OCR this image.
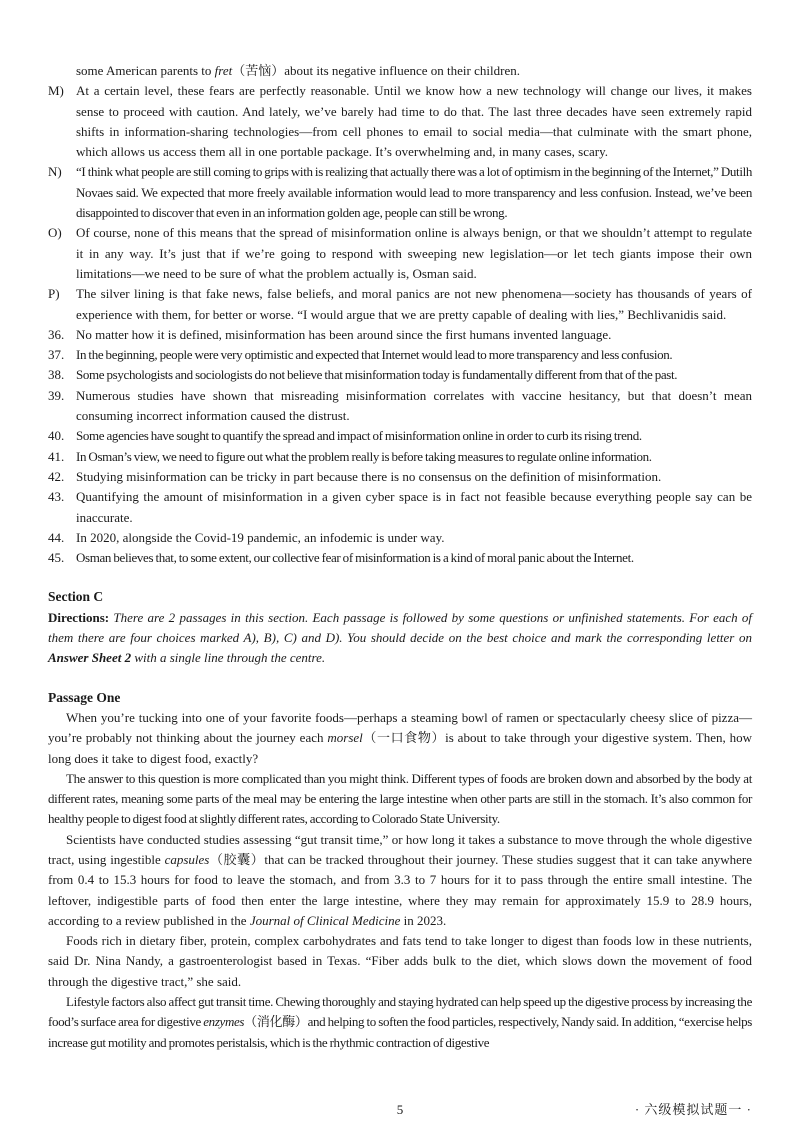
some American parents to fret（苦恼）about its negative influence on their children.
M) At a certain level, these fears are perfectly reasonable. Until we know how a new technology will change our lives, it makes sense to proceed with caution. And lately, we’ve barely had time to do that. The last three decades have seen extremely rapid shifts in information-sharing technologies—from cell phones to email to social media—that culminate with the smart phone, which allows us access them all in one portable package. It’s overwhelming and, in many cases, scary.
N)	“I think what people are still coming to grips with is realizing that actually there was a lot of optimism in the beginning of the Internet,” Dutilh Novaes said. We expected that more freely available information would lead to more transparency and less confusion. Instead, we’ve been disappointed to discover that even in an information golden age, people can still be wrong.
O)	Of course, none of this means that the spread of misinformation online is always benign, or that we shouldn’t attempt to regulate it in any way. It’s just that if we’re going to respond with sweeping new legislation—or let tech giants impose their own limitations—we need to be sure of what the problem actually is, Osman said.
P)	The silver lining is that fake news, false beliefs, and moral panics are not new phenomena—society has thousands of years of experience with them, for better or worse. “I would argue that we are pretty capable of dealing with lies,” Bechlivanidis said.
36. No matter how it is defined, misinformation has been around since the first humans invented language.
37. In the beginning, people were very optimistic and expected that Internet would lead to more transparency and less confusion.
38. Some psychologists and sociologists do not believe that misinformation today is fundamentally different from that of the past.
39. Numerous studies have shown that misreading misinformation correlates with vaccine hesitancy, but that doesn’t mean consuming incorrect information caused the distrust.
40. Some agencies have sought to quantify the spread and impact of misinformation online in order to curb its rising trend.
41. In Osman’s view, we need to figure out what the problem really is before taking measures to regulate online information.
42. Studying misinformation can be tricky in part because there is no consensus on the definition of misinformation.
43. Quantifying the amount of misinformation in a given cyber space is in fact not feasible because everything people say can be inaccurate.
44. In 2020, alongside the Covid-19 pandemic, an infodemic is under way.
45. Osman believes that, to some extent, our collective fear of misinformation is a kind of moral panic about the Internet.
Section C
Directions: There are 2 passages in this section. Each passage is followed by some questions or unfinished statements. For each of them there are four choices marked A), B), C) and D). You should decide on the best choice and mark the corresponding letter on Answer Sheet 2 with a single line through the centre.
Passage One
When you’re tucking into one of your favorite foods—perhaps a steaming bowl of ramen or spectacularly cheesy slice of pizza—you’re probably not thinking about the journey each morsel（一口食物）is about to take through your digestive system. Then, how long does it take to digest food, exactly?
The answer to this question is more complicated than you might think. Different types of foods are broken down and absorbed by the body at different rates, meaning some parts of the meal may be entering the large intestine when other parts are still in the stomach. It’s also common for healthy people to digest food at slightly different rates, according to Colorado State University.
Scientists have conducted studies assessing “gut transit time,” or how long it takes a substance to move through the whole digestive tract, using ingestible capsules（胶囊）that can be tracked throughout their journey. These studies suggest that it can take anywhere from 0.4 to 15.3 hours for food to leave the stomach, and from 3.3 to 7 hours for it to pass through the entire small intestine. The leftover, indigestible parts of food then enter the large intestine, where they may remain for approximately 15.9 to 28.9 hours, according to a review published in the Journal of Clinical Medicine in 2023.
Foods rich in dietary fiber, protein, complex carbohydrates and fats tend to take longer to digest than foods low in these nutrients, said Dr. Nina Nandy, a gastroenterologist based in Texas. “Fiber adds bulk to the diet, which slows down the movement of food through the digestive tract,” she said.
Lifestyle factors also affect gut transit time. Chewing thoroughly and staying hydrated can help speed up the digestive process by increasing the food’s surface area for digestive enzymes（消化酶）and helping to soften the food particles, respectively, Nandy said. In addition, “exercise helps increase gut motility and promotes peristalsis, which is the rhythmic contraction of digestive
5	· 六级模拟试题一 ·
